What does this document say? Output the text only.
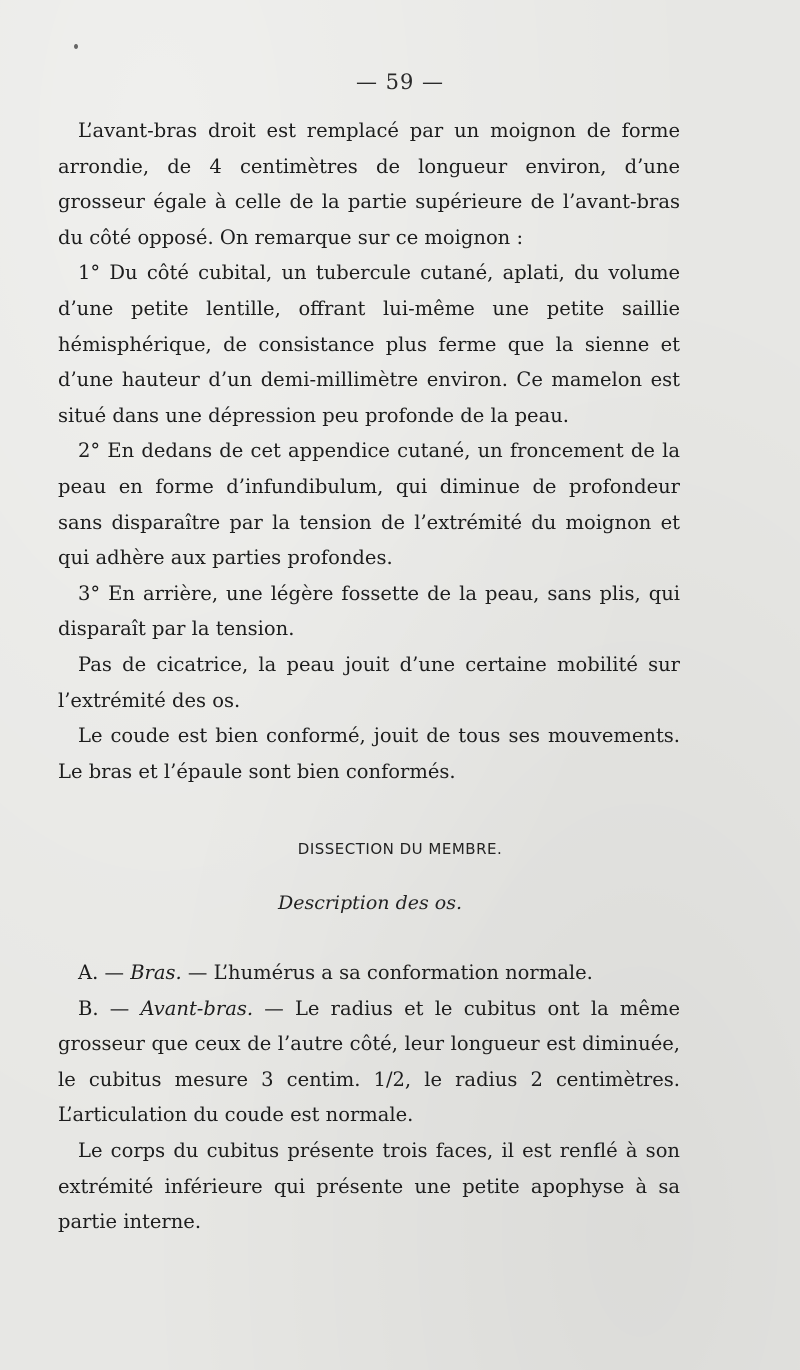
— 59 —

L’avant-bras droit est remplacé par un moignon de forme arrondie, de 4 centimètres de longueur environ, d’une grosseur égale à celle de la partie supérieure de l’avant-bras du côté opposé. On remarque sur ce moignon :

1° Du côté cubital, un tubercule cutané, aplati, du volume d’une petite lentille, offrant lui-même une petite saillie hémisphérique, de consistance plus ferme que la sienne et d’une hauteur d’un demi-millimètre environ. Ce mamelon est situé dans une dépression peu profonde de la peau.

2° En dedans de cet appendice cutané, un froncement de la peau en forme d’infundibulum, qui diminue de profondeur sans disparaître par la tension de l’extrémité du moignon et qui adhère aux parties profondes.

3° En arrière, une légère fossette de la peau, sans plis, qui disparaît par la tension.

Pas de cicatrice, la peau jouit d’une certaine mobilité sur l’extrémité des os.

Le coude est bien conformé, jouit de tous ses mouvements. Le bras et l’épaule sont bien conformés.

DISSECTION DU MEMBRE.
Description des os.

A. — Bras. — L’humérus a sa conformation normale.

B. — Avant-bras. — Le radius et le cubitus ont la même grosseur que ceux de l’autre côté, leur longueur est diminuée, le cubitus mesure 3 centim. 1/2, le radius 2 centimètres. L’articulation du coude est normale.

Le corps du cubitus présente trois faces, il est renflé à son extrémité inférieure qui présente une petite apophyse à sa partie interne.
